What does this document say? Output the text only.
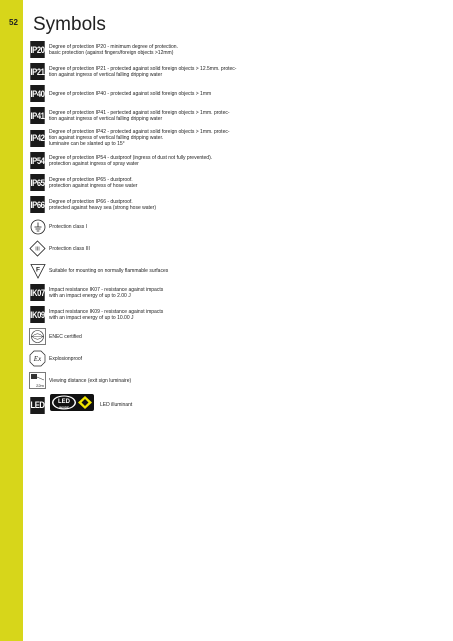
52 Symbols
IP20 Degree of protection IP20 - minimum degree of protection.
basic protection (against fingers/foreign objects >12mm)
IP21 Degree of protection IP21 - protected against solid foreign objects > 12.5mm. protec-
tion against ingress of vertical falling dripping water
IP40 Degree of protection IP40 - protected against solid foreign objects > 1mm
IP41 Degree of protection IP41 - pertected against solid foreign objects > 1mm. protec-
tion against ingress of vertical falling dripping water
IP42
Degree of protection IP42 - protected against solid foreign objects > 1mm. protec-
tion against ingress of vertical falling dripping water.
luminaire can be slanted up to 15°
IP54 Degree of protection IP54 - dustproof (ingress of dust not fully prevented).
protection against ingress of spray water
IP65 Degree of protection IP65 - dustproof.
protection against ingress of hose water
IP66 Degree of protection IP66 - dustproof.
protected against heavy sea (strong hose water)
Protection class I
III Protection class III
F Suitable for mounting on normally flammable surfaces
IK07 Impact resistance IK07 - resistance against impacts
with an impact energy of up to 2.00 J
IK09 Impact resistance IK09 - resistance against impacts
with an impact energy of up to 10.00 J
ENEC certified
Ex Explosionproof
22m
Viewing distance (exit sign luminaire)
LED LED
INSIDE	LED illuminant
